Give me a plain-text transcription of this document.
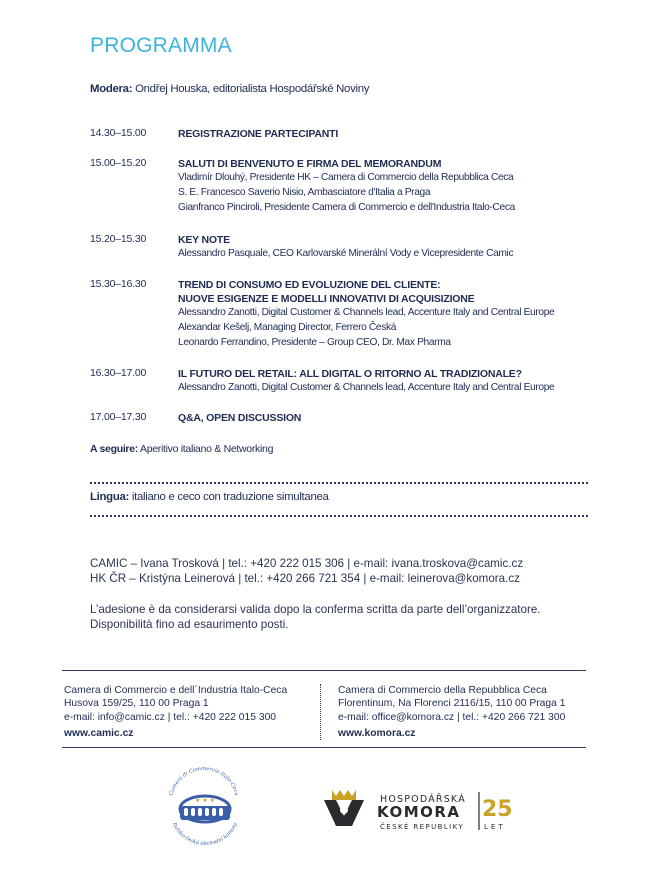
PROGRAMMA
Modera: Ondřej Houska, editorialista Hospodářské Noviny
14.30–15.00	REGISTRAZIONE PARTECIPANTI
15.00–15.20	SALUTI DI BENVENUTO E FIRMA DEL MEMORANDUM
Vladimír Dlouhý, Presidente HK – Camera di Commercio della Repubblica Ceca
S. E. Francesco Saverio Nisio, Ambasciatore d'Italia a Praga
Gianfranco Pinciroli, Presidente Camera di Commercio e dell'Industria Italo-Ceca
15.20–15.30	KEY NOTE
Alessandro Pasquale, CEO Karlovarské Minerální Vody e Vicepresidente Camic
15.30–16.30	TREND DI CONSUMO ED EVOLUZIONE DEL CLIENTE:
NUOVE ESIGENZE E MODELLI INNOVATIVI DI ACQUISIZIONE
Alessandro Zanotti, Digital Customer & Channels lead, Accenture Italy and Central Europe
Alexandar Kešelj, Managing Director, Ferrero Česká
Leonardo Ferrandino, Presidente – Group CEO, Dr. Max Pharma
16.30–17.00	IL FUTURO DEL RETAIL: ALL DIGITAL O RITORNO AL TRADIZIONALE?
Alessandro Zanotti, Digital Customer & Channels lead, Accenture Italy and Central Europe
17.00–17.30	Q&A, OPEN DISCUSSION
A seguire: Aperitivo italiano & Networking
Lingua: italiano e ceco con traduzione simultanea
CAMIC – Ivana Trosková | tel.: +420 222 015 306 | e-mail: ivana.troskova@camic.cz
HK ČR – Kristýna Leinerová | tel.: +420 266 721 354 | e-mail: leinerova@komora.cz
L’adesione è da considerarsi valida dopo la conferma scritta da parte dell’organizzatore.
Disponibilità fino ad esaurimento posti.
Camera di Commercio e dell´Industria Italo-Ceca
Husova 159/25, 110 00 Praga 1
e-mail: info@camic.cz | tel.: +420 222 015 300
www.camic.cz
Camera di Commercio della Repubblica Ceca
Florentinum, Na Florenci 2116/15, 110 00 Praga 1
e-mail: office@komora.cz | tel.: +420 266 721 300
www.komora.cz
★ ★ ★
Camera di Commercio Italo-Ceca
Italsko-česká obchodní komora
HOSPODÁŘSKÁ
KOMORA
ČESKÉ REPUBLIKY
25
LET
